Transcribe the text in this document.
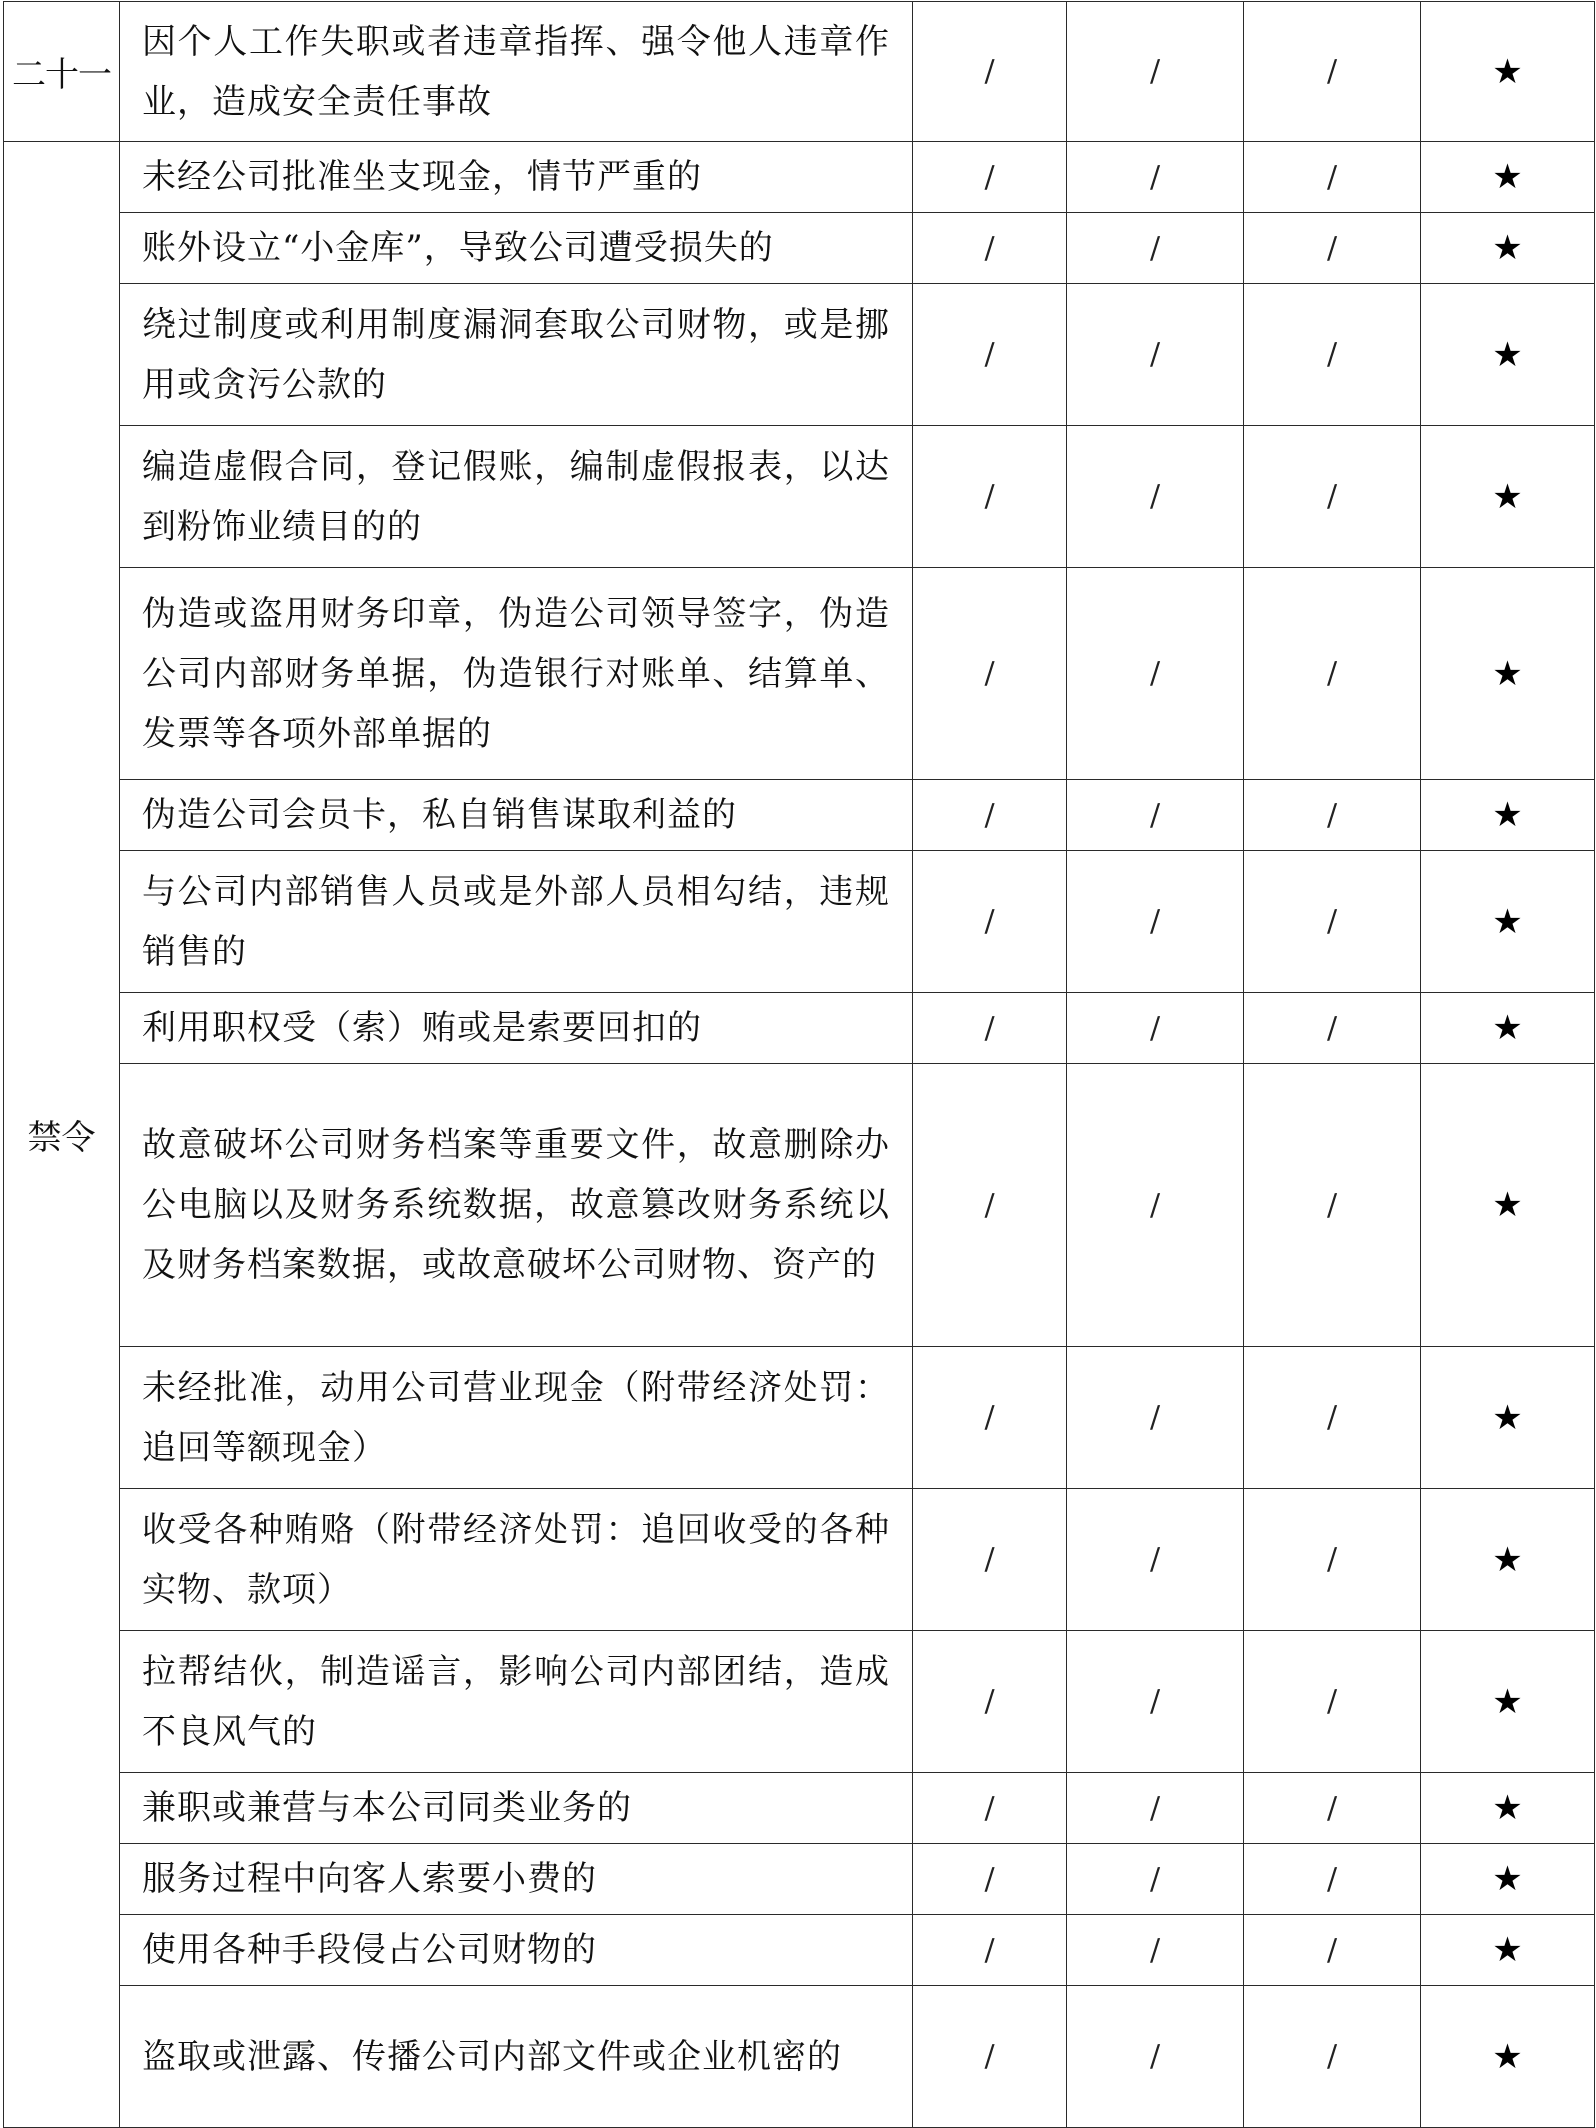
二十一	因个人工作失职或者违章指挥、强令他人违章作业，造成安全责任事故	∕	∕	∕	★
禁令	未经公司批准坐支现金，情节严重的	∕	∕	∕	★
	账外设立“小金库”，导致公司遭受损失的	∕	∕	∕	★
	绕过制度或利用制度漏洞套取公司财物，或是挪用或贪污公款的	∕	∕	∕	★
	编造虚假合同，登记假账，编制虚假报表，以达到粉饰业绩目的的	∕	∕	∕	★
	伪造或盗用财务印章，伪造公司领导签字，伪造公司内部财务单据，伪造银行对账单、结算单、发票等各项外部单据的	∕	∕	∕	★
	伪造公司会员卡，私自销售谋取利益的	∕	∕	∕	★
	与公司内部销售人员或是外部人员相勾结，违规销售的	∕	∕	∕	★
	利用职权受（索）贿或是索要回扣的	∕	∕	∕	★
	故意破坏公司财务档案等重要文件，故意删除办公电脑以及财务系统数据，故意篡改财务系统以及财务档案数据，或故意破坏公司财物、资产的	∕	∕	∕	★
	未经批准，动用公司营业现金（附带经济处罚：追回等额现金）	∕	∕	∕	★
	收受各种贿赂（附带经济处罚：追回收受的各种实物、款项）	∕	∕	∕	★
	拉帮结伙，制造谣言，影响公司内部团结，造成不良风气的	∕	∕	∕	★
	兼职或兼营与本公司同类业务的	∕	∕	∕	★
	服务过程中向客人索要小费的	∕	∕	∕	★
	使用各种手段侵占公司财物的	∕	∕	∕	★
	盗取或泄露、传播公司内部文件或企业机密的	∕	∕	∕	★
